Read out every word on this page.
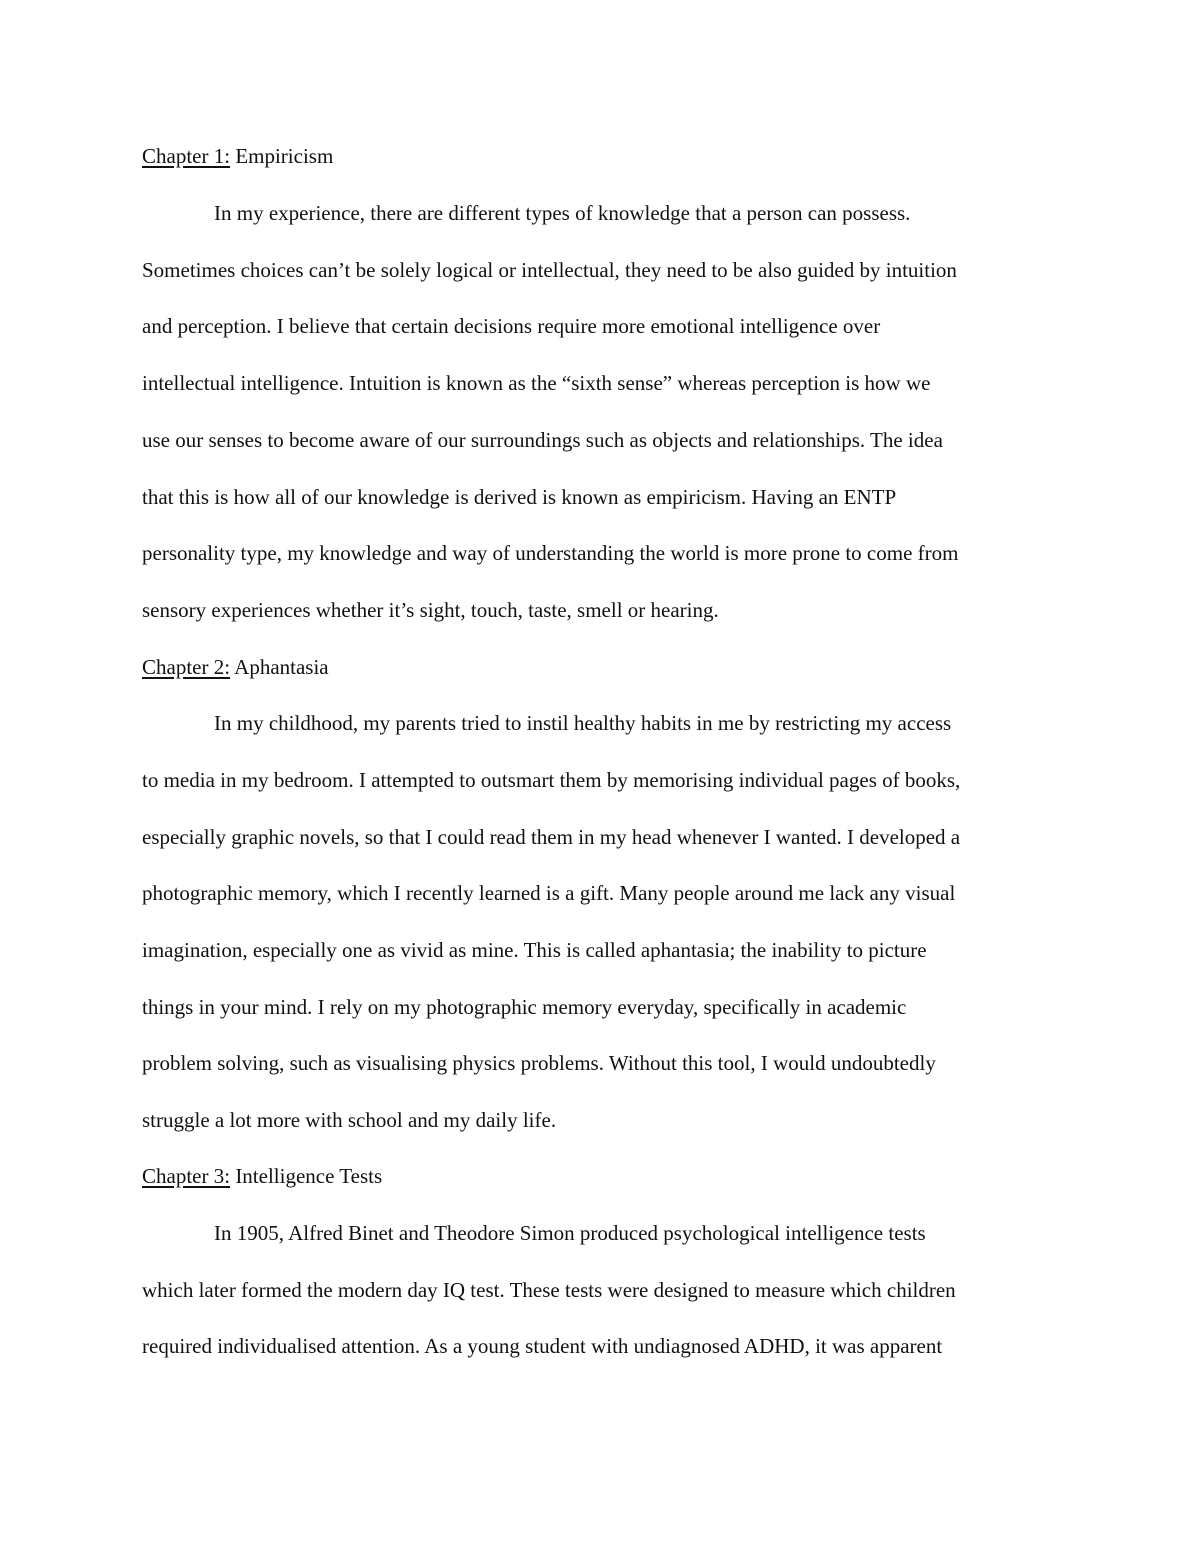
Chapter 1: Empiricism
In my experience, there are different types of knowledge that a person can possess.
Sometimes choices can’t be solely logical or intellectual, they need to be also guided by intuition
and perception. I believe that certain decisions require more emotional intelligence over
intellectual intelligence. Intuition is known as the “sixth sense” whereas perception is how we
use our senses to become aware of our surroundings such as objects and relationships. The idea
that this is how all of our knowledge is derived is known as empiricism. Having an ENTP
personality type, my knowledge and way of understanding the world is more prone to come from
sensory experiences whether it’s sight, touch, taste, smell or hearing.
Chapter 2: Aphantasia
In my childhood, my parents tried to instil healthy habits in me by restricting my access
to media in my bedroom. I attempted to outsmart them by memorising individual pages of books,
especially graphic novels, so that I could read them in my head whenever I wanted. I developed a
photographic memory, which I recently learned is a gift. Many people around me lack any visual
imagination, especially one as vivid as mine. This is called aphantasia; the inability to picture
things in your mind. I rely on my photographic memory everyday, specifically in academic
problem solving, such as visualising physics problems. Without this tool, I would undoubtedly
struggle a lot more with school and my daily life.
Chapter 3: Intelligence Tests
In 1905, Alfred Binet and Theodore Simon produced psychological intelligence tests
which later formed the modern day IQ test. These tests were designed to measure which children
required individualised attention. As a young student with undiagnosed ADHD, it was apparent
